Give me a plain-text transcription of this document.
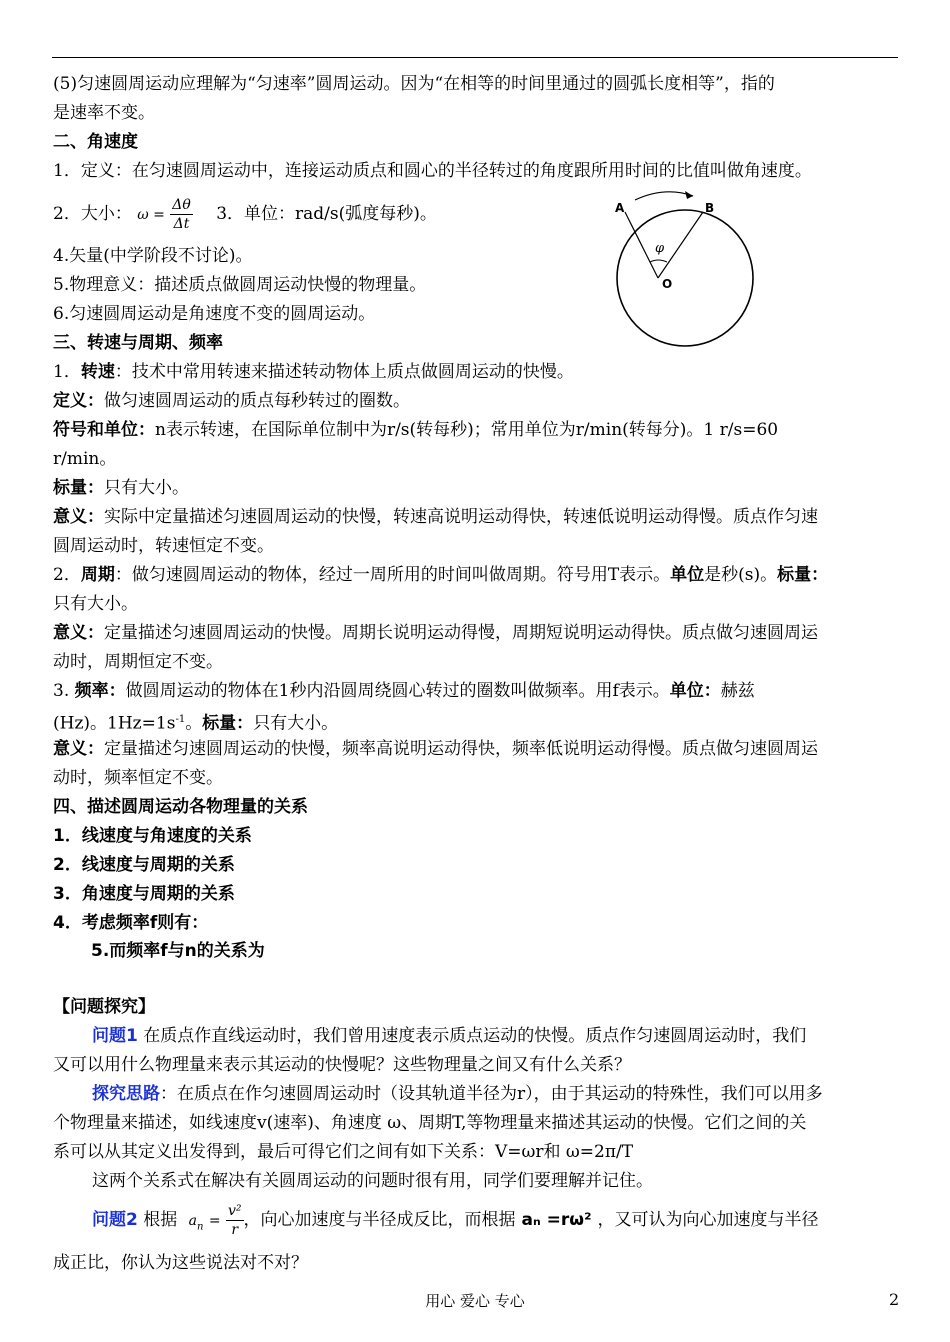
(5)匀速圆周运动应理解为“匀速率”圆周运动。因为“在相等的时间里通过的圆弧长度相等”，指的
是速率不变。
二、角速度
1．定义：在匀速圆周运动中，连接运动质点和圆心的半径转过的角度跟所用时间的比值叫做角速度。
2．大小： $\omega = \frac{\Delta\theta}{\Delta t} 3$．单位：rad/s(弧度每秒)。
4.矢量(中学阶段不讨论)。
5.物理意义：描述质点做圆周运动快慢的物理量。
6.匀速圆周运动是角速度不变的圆周运动。
三、转速与周期、频率
1．转速：技术中常用转速来描述转动物体上质点做圆周运动的快慢。
定义：做匀速圆周运动的质点每秒转过的圈数。
符号和单位：n表示转速，在国际单位制中为r/s(转每秒)；常用单位为r/min(转每分)。1 r/s=60
r/min。
标量：只有大小。
意义：实际中定量描述匀速圆周运动的快慢，转速高说明运动得快，转速低说明运动得慢。质点作匀速
圆周运动时，转速恒定不变。
2．周期：做匀速圆周运动的物体，经过一周所用的时间叫做周期。符号用T表示。单位是秒(s)。标量：
只有大小。
意义：定量描述匀速圆周运动的快慢。周期长说明运动得慢，周期短说明运动得快。质点做匀速圆周运
动时，周期恒定不变。
3. 频率：做圆周运动的物体在1秒内沿圆周绕圆心转过的圈数叫做频率。用f表示。单位：赫兹
(Hz)。$1Hz=1s^{-1}$。标量：只有大小。
意义：定量描述匀速圆周运动的快慢，频率高说明运动得快，频率低说明运动得慢。质点做匀速圆周运
动时，频率恒定不变。
四、描述圆周运动各物理量的关系
1．线速度与角速度的关系
2．线速度与周期的关系
3．角速度与周期的关系
4．考虑频率f则有：
5.而频率f与n的关系为
【问题探究】
问题1 在质点作直线运动时，我们曾用速度表示质点运动的快慢。质点作匀速圆周运动时，我们
又可以用什么物理量来表示其运动的快慢呢？这些物理量之间又有什么关系？
探究思路：在质点在作匀速圆周运动时（设其轨道半径为r），由于其运动的特殊性，我们可以用多
个物理量来描述，如线速度v(速率)、角速度 ω、周期T,等物理量来描述其运动的快慢。它们之间的关
系可以从其定义出发得到，最后可得它们之间有如下关系：V=ωr和 ω=2π/T
这两个关系式在解决有关圆周运动的问题时很有用，同学们要理解并记住。
问题2 根据 $a_n = \frac{\text{v²}}{r}$ ，向心加速度与半径成反比，而根据 aₙ =rω² ，又可认为向心加速度与半径
成正比，你认为这些说法对不对？
A	B
O
φ
用心 爱心 专心	2
